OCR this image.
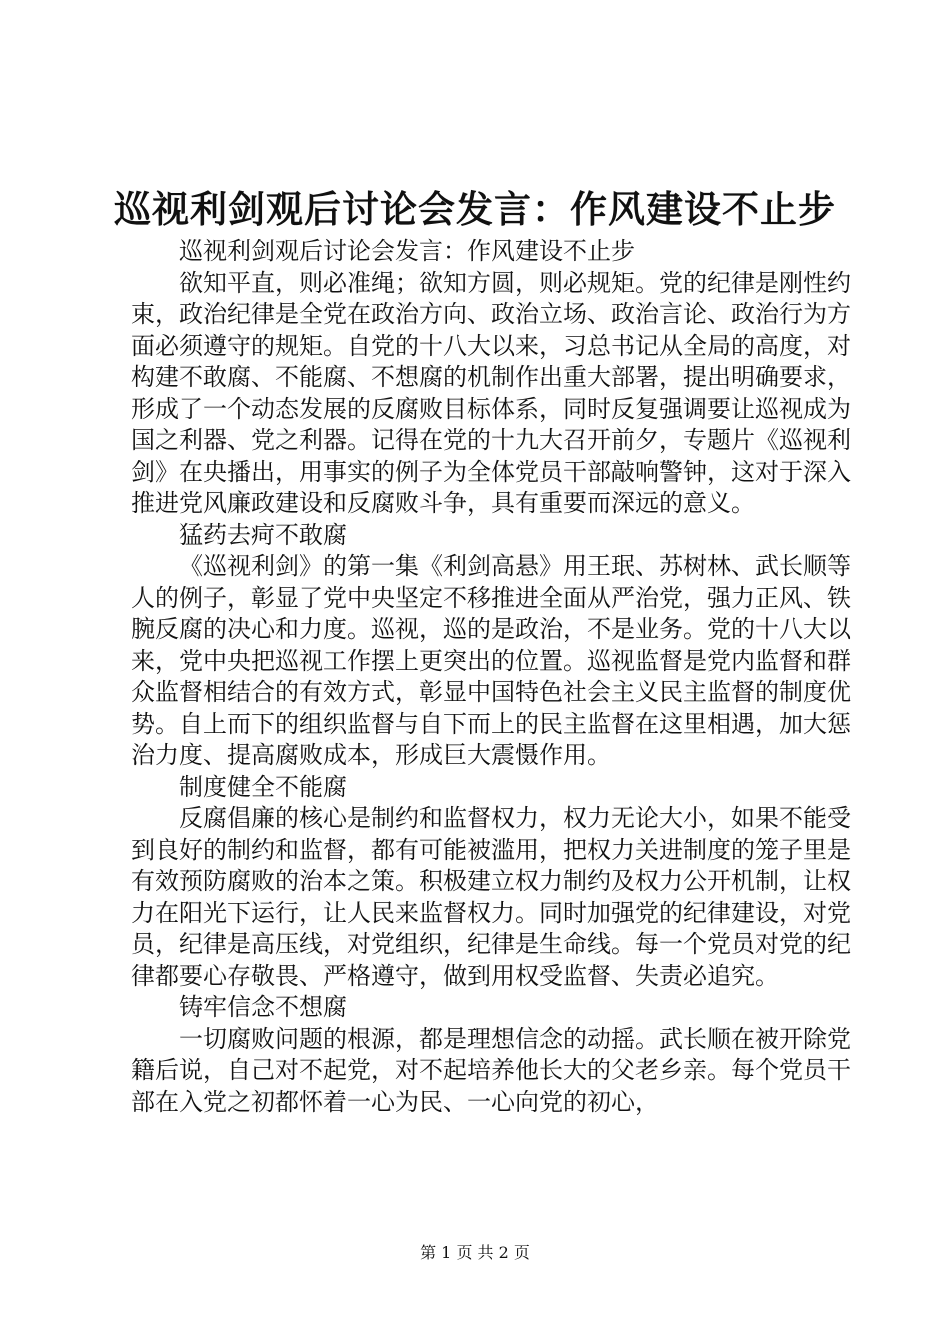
巡视利剑观后讨论会发言：作风建设不止步

巡视利剑观后讨论会发言：作风建设不止步

欲知平直，则必准绳；欲知方圆，则必规矩。党的纪律是刚性约束，政治纪律是全党在政治方向、政治立场、政治言论、政治行为方面必须遵守的规矩。自党的十八大以来，习总书记从全局的高度，对构建不敢腐、不能腐、不想腐的机制作出重大部署，提出明确要求，形成了一个动态发展的反腐败目标体系，同时反复强调要让巡视成为国之利器、党之利器。记得在党的十九大召开前夕，专题片《巡视利剑》在央播出，用事实的例子为全体党员干部敲响警钟，这对于深入推进党风廉政建设和反腐败斗争，具有重要而深远的意义。

猛药去疴不敢腐

《巡视利剑》的第一集《利剑高悬》用王珉、苏树林、武长顺等人的例子，彰显了党中央坚定不移推进全面从严治党，强力正风、铁腕反腐的决心和力度。巡视，巡的是政治，不是业务。党的十八大以来，党中央把巡视工作摆上更突出的位置。巡视监督是党内监督和群众监督相结合的有效方式，彰显中国特色社会主义民主监督的制度优势。自上而下的组织监督与自下而上的民主监督在这里相遇，加大惩治力度、提高腐败成本，形成巨大震慑作用。

制度健全不能腐

反腐倡廉的核心是制约和监督权力，权力无论大小，如果不能受到良好的制约和监督，都有可能被滥用，把权力关进制度的笼子里是有效预防腐败的治本之策。积极建立权力制约及权力公开机制，让权力在阳光下运行，让人民来监督权力。同时加强党的纪律建设，对党员，纪律是高压线，对党组织，纪律是生命线。每一个党员对党的纪律都要心存敬畏、严格遵守，做到用权受监督、失责必追究。

铸牢信念不想腐

一切腐败问题的根源，都是理想信念的动摇。武长顺在被开除党籍后说，自己对不起党，对不起培养他长大的父老乡亲。每个党员干部在入党之初都怀着一心为民、一心向党的初心，

第 1 页 共 2 页
